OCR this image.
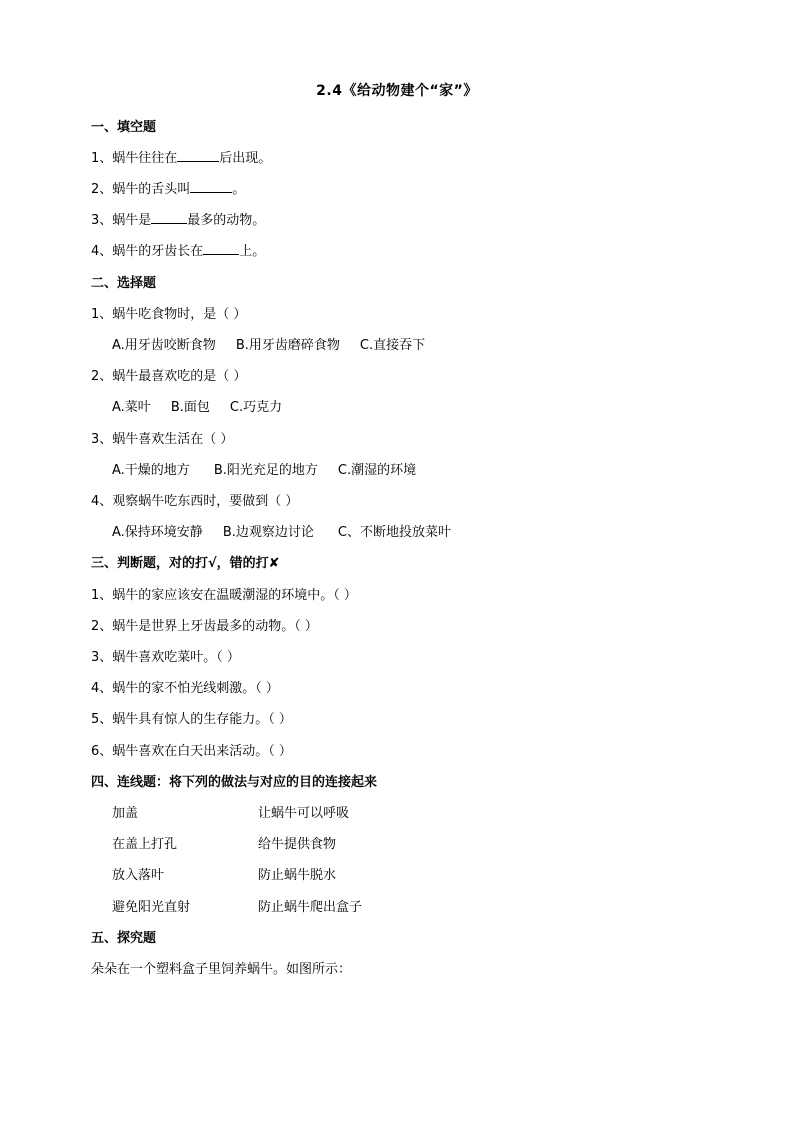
2.4《给动物建个“家”》
一、填空题
1、蜗牛往往在	后出现。
2、蜗牛的舌头叫	。
3、蜗牛是	最多的动物。
4、蜗牛的牙齿长在	上。
二、选择题
1、蜗牛吃食物时，是（ ）
A.用牙齿咬断食物 B.用牙齿磨碎食物 C.直接吞下
2、蜗牛最喜欢吃的是（ ）
A.菜叶 B.面包 C.巧克力
3、蜗牛喜欢生活在（ ）
A.干燥的地方 B.阳光充足的地方 C.潮湿的环境
4、观察蜗牛吃东西时，要做到（ ）
A.保持环境安静 B.边观察边讨论 C、不断地投放菜叶
三、判断题，对的打√，错的打✘
1、蜗牛的家应该安在温暖潮湿的环境中。（ ）
2、蜗牛是世界上牙齿最多的动物。（ ）
3、蜗牛喜欢吃菜叶。（ ）
4、蜗牛的家不怕光线刺激。（ ）
5、蜗牛具有惊人的生存能力。（ ）
6、蜗牛喜欢在白天出来活动。（ ）
四、连线题：将下列的做法与对应的目的连接起来
加盖	让蜗牛可以呼吸
在盖上打孔	给牛提供食物
放入落叶	防止蜗牛脱水
避免阳光直射	防止蜗牛爬出盒子
五、探究题
朵朵在一个塑料盒子里饲养蜗牛。如图所示：
